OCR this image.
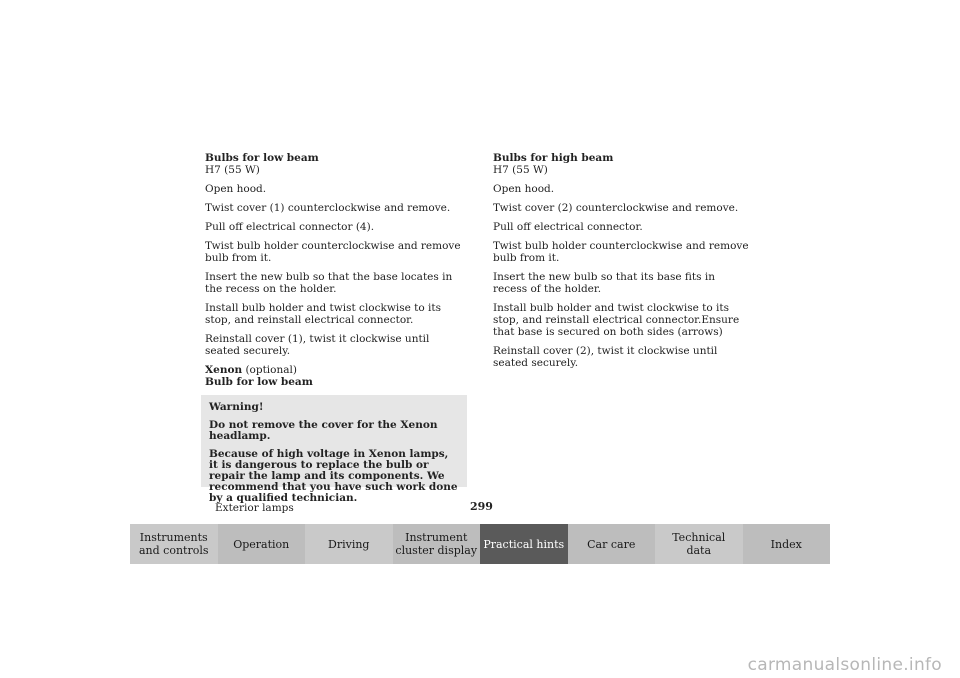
Bulbs for low beam

H7 (55 W)

Open hood.

Twist cover (1) counterclockwise and remove.

Pull off electrical connector (4).

Twist bulb holder counterclockwise and remove bulb from it.

Insert the new bulb so that the base locates in the recess on the holder.

Install bulb holder and twist clockwise to its stop, and reinstall electrical connector.

Reinstall cover (1), twist it clockwise until seated securely.

Xenon (optional)

Bulb for low beam

Warning!

Do not remove the cover for the Xenon headlamp.

Because of high voltage in Xenon lamps, it is dangerous to replace the bulb or repair the lamp and its components. We recommend that you have such work done by a qualified technician.

Bulbs for high beam

H7 (55 W)

Open hood.

Twist cover (2) counterclockwise and remove.

Pull off electrical connector.

Twist bulb holder counterclockwise and remove bulb from it.

Insert the new bulb so that its base fits in recess of the holder.

Install bulb holder and twist clockwise to its stop, and reinstall electrical connector.Ensure that base is secured on both sides (arrows)

Reinstall cover (2), twist it clockwise until seated securely.

Exterior lamps	299
Instruments
and controls Operation	Driving	Instrument
cluster display Practical hints Car care	Technical
data	Index
carmanualsonline.info
